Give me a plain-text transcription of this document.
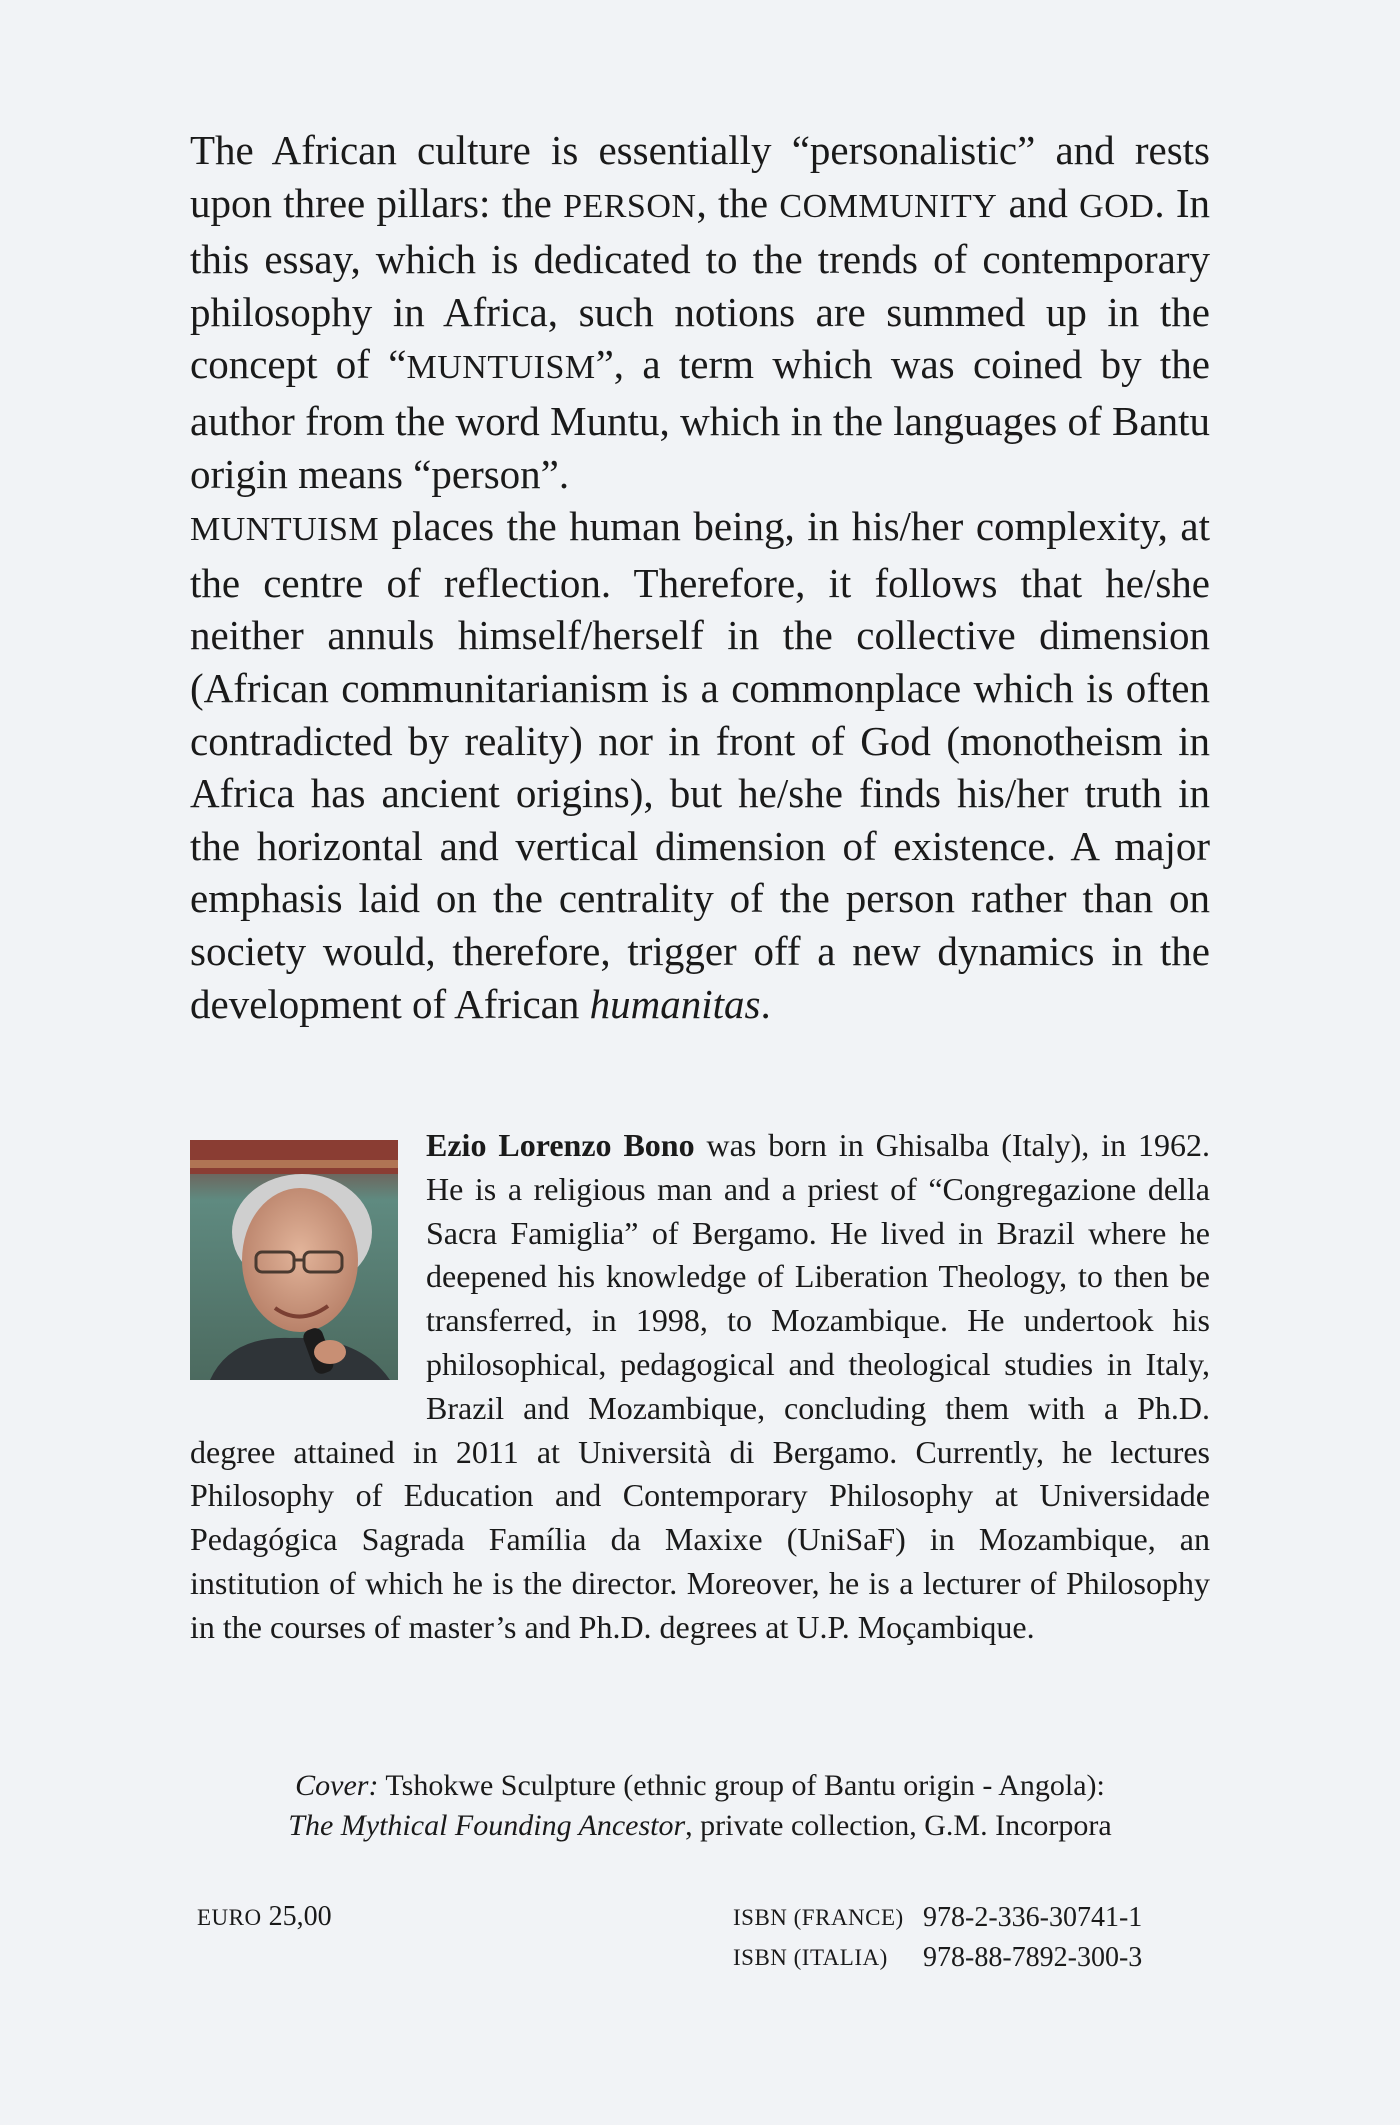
The African culture is essentially “personalistic” and rests upon three pillars: the PERSON, the COMMUNITY and GOD. In this essay, which is dedicated to the trends of contemporary philosophy in Africa, such notions are summed up in the concept of “MUNTUISM”, a term which was coined by the author from the word Muntu, which in the languages of Bantu origin means “person”.

MUNTUISM places the human being, in his/her complexity, at the centre of reflection. Therefore, it follows that he/she neither annuls himself/herself in the collective dimension (African communitarianism is a commonplace which is often contradicted by reality) nor in front of God (monotheism in Africa has ancient origins), but he/she finds his/her truth in the horizontal and vertical dimension of existence. A major emphasis laid on the centrality of the person rather than on society would, therefore, trigger off a new dynamics in the development of African humanitas.

Ezio Lorenzo Bono was born in Ghisalba (Italy), in 1962. He is a religious man and a priest of “Congregazione della Sacra Famiglia” of Bergamo. He lived in Brazil where he deepened his knowledge of Liberation Theology, to then be transferred, in 1998, to Mozambique. He undertook his philosophical, pedagogical and theological studies in Italy, Brazil and Mozambique, concluding them with a Ph.D. degree attained in 2011 at Università di Bergamo. Currently, he lectures Philosophy of Education and Contemporary Philosophy at Universidade Pedagógica Sagrada Família da Maxixe (UniSaF) in Mozambique, an institution of which he is the director. Moreover, he is a lecturer of Philosophy in the courses of master’s and Ph.D. degrees at U.P. Moçambique.

Cover: Tshokwe Sculpture (ethnic group of Bantu origin - Angola):

The Mythical Founding Ancestor, private collection, G.M. Incorpora

EURO 25,00	ISBN (FRANCE) 978-2-336-30741-1
ISBN (ITALIA)	978-88-7892-300-3
